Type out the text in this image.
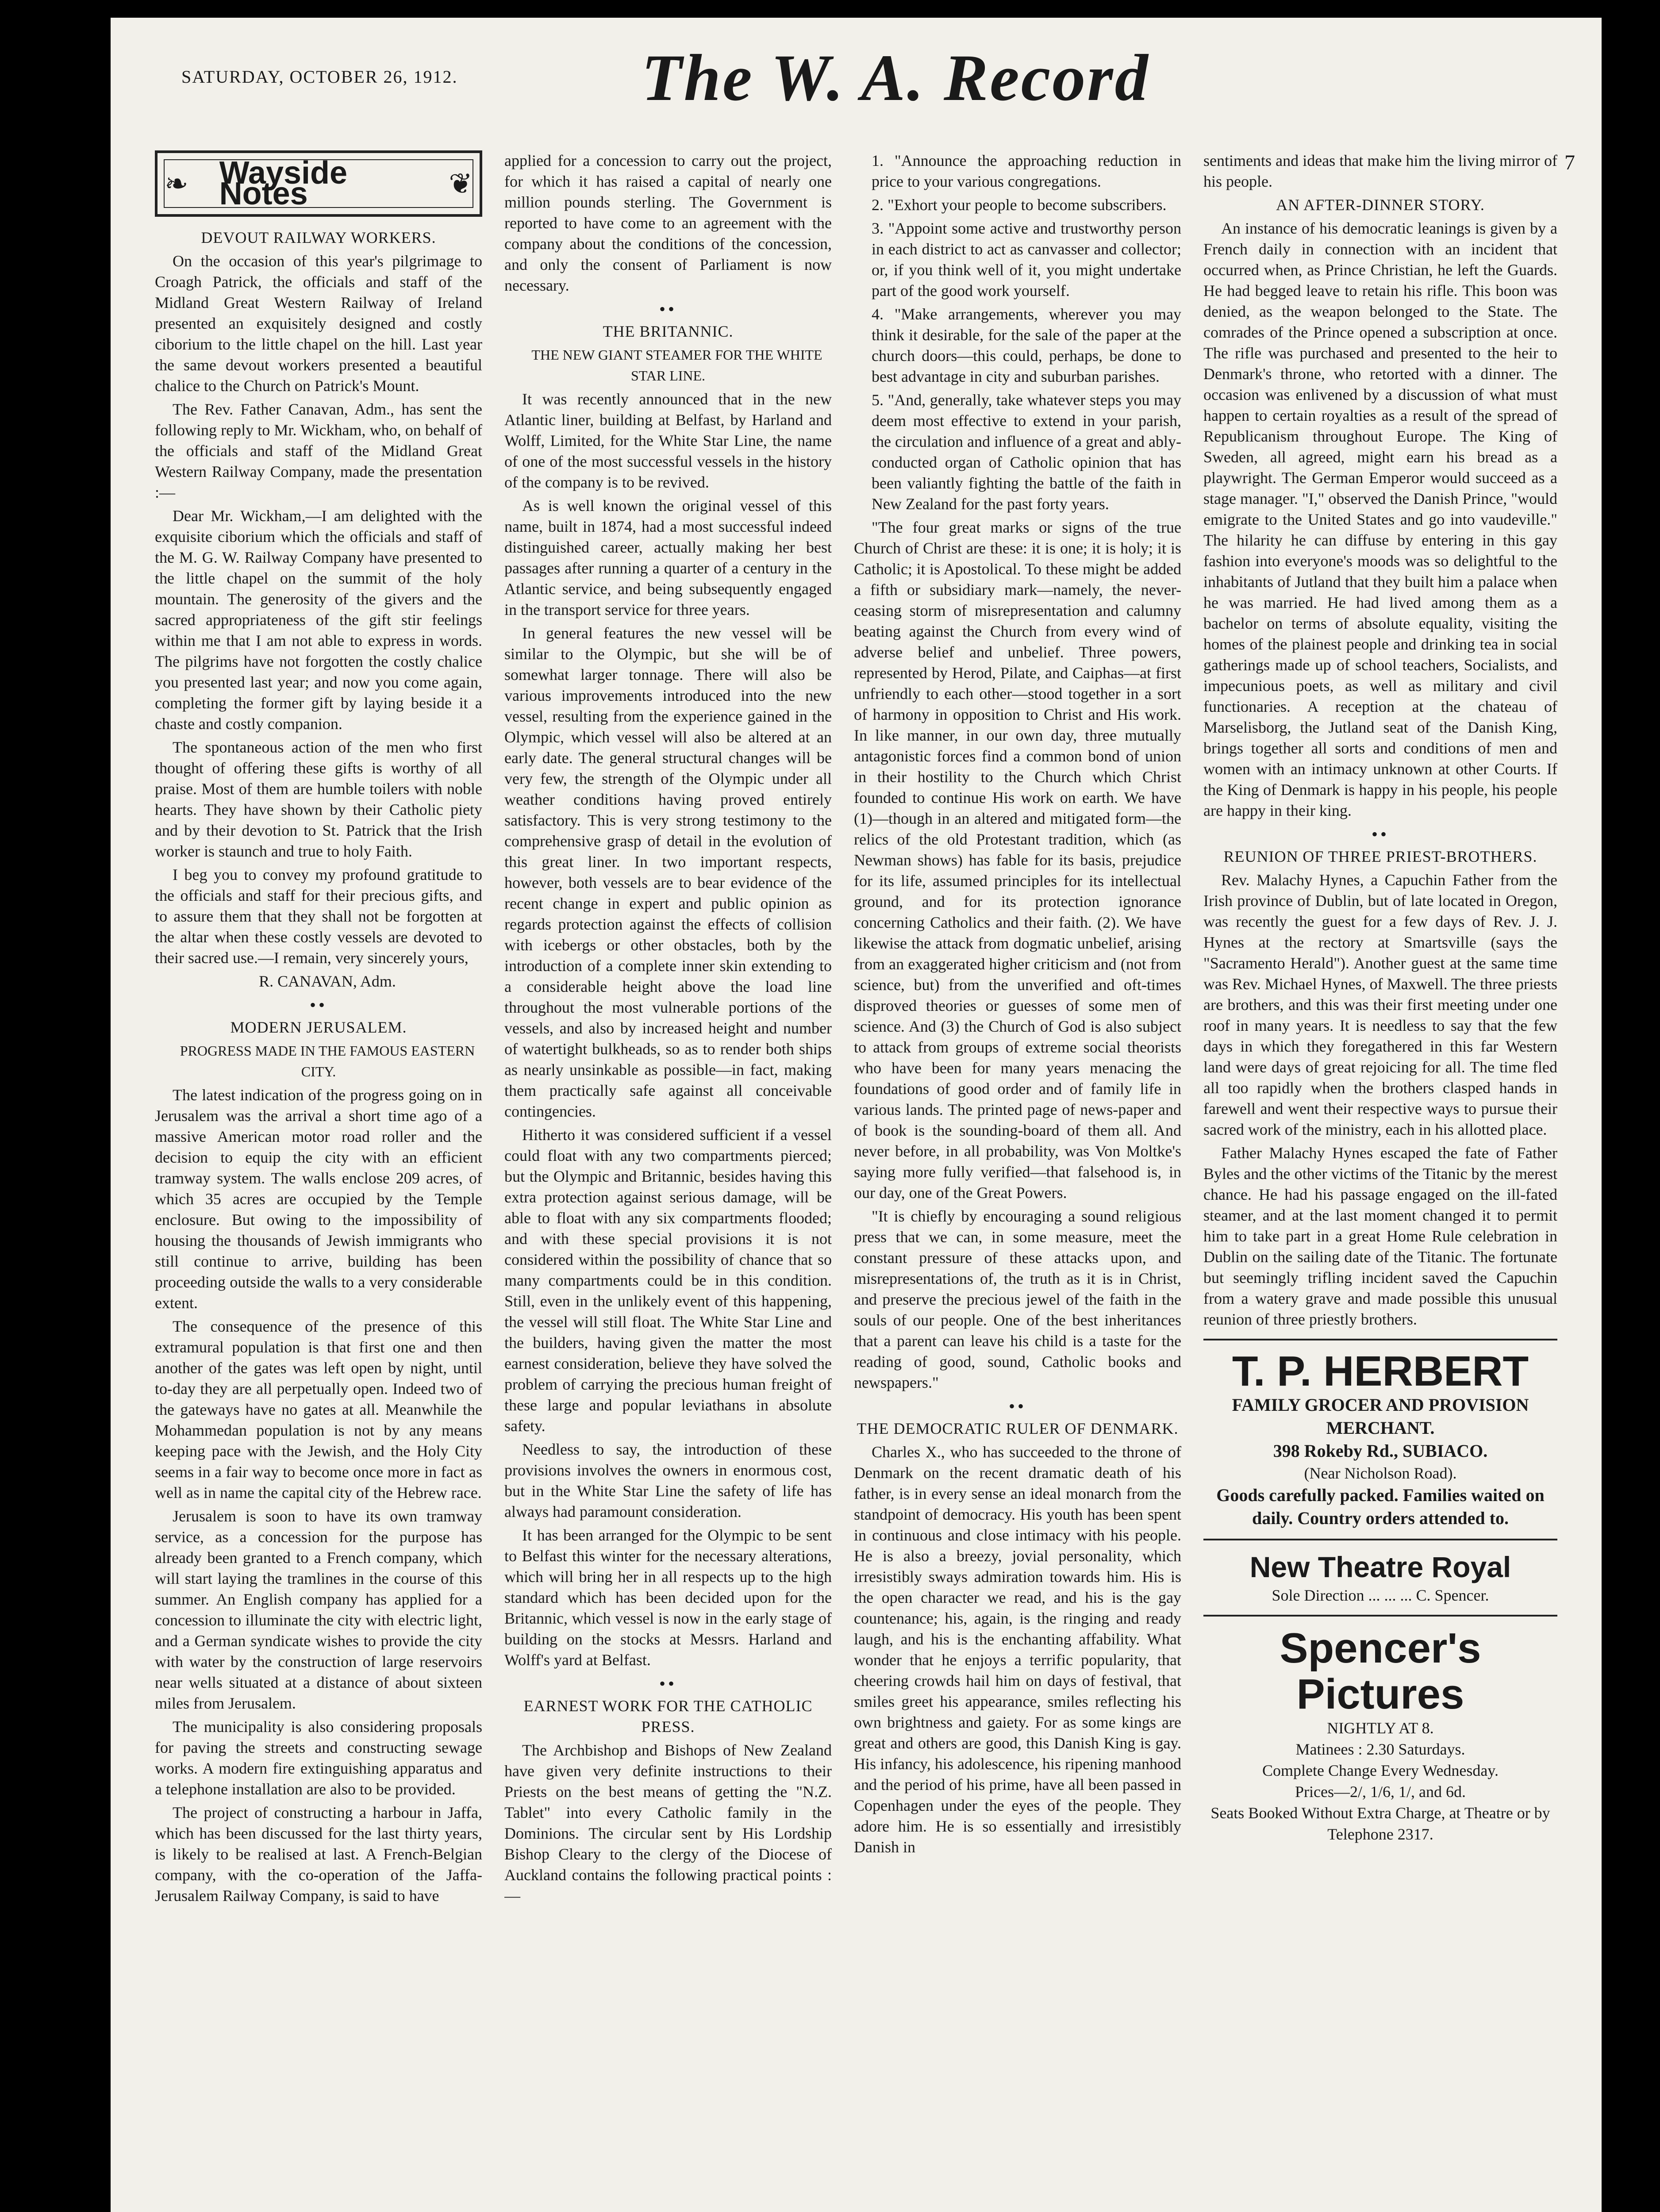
SATURDAY, OCTOBER 26, 1912.	The W. A. Record
7
❧ Wayside Notes	❦

DEVOUT RAILWAY WORKERS.

On the occasion of this year's pilgrimage to Croagh Patrick, the officials and staff of the Midland Great Western Railway of Ireland presented an exquisitely designed and costly ciborium to the little chapel on the hill. Last year the same devout workers presented a beautiful chalice to the Church on Patrick's Mount.

The Rev. Father Canavan, Adm., has sent the following reply to Mr. Wickham, who, on behalf of the officials and staff of the Midland Great Western Railway Company, made the presentation :—

Dear Mr. Wickham,—I am delighted with the exquisite ciborium which the officials and staff of the M. G. W. Railway Company have presented to the little chapel on the summit of the holy mountain. The generosity of the givers and the sacred appropriateness of the gift stir feelings within me that I am not able to express in words. The pilgrims have not forgotten the costly chalice you presented last year; and now you come again, completing the former gift by laying beside it a chaste and costly companion.

The spontaneous action of the men who first thought of offering these gifts is worthy of all praise. Most of them are humble toilers with noble hearts. They have shown by their Catholic piety and by their devotion to St. Patrick that the Irish worker is staunch and true to holy Faith.

I beg you to convey my profound gratitude to the officials and staff for their precious gifts, and to assure them that they shall not be forgotten at the altar when these costly vessels are devoted to their sacred use.—I remain, very sincerely yours,

R. CANAVAN, Adm.

••

MODERN JERUSALEM.

PROGRESS MADE IN THE FAMOUS EASTERN CITY.

The latest indication of the progress going on in Jerusalem was the arrival a short time ago of a massive American motor road roller and the decision to equip the city with an efficient tramway system. The walls enclose 209 acres, of which 35 acres are occupied by the Temple enclosure. But owing to the impossibility of housing the thousands of Jewish immigrants who still continue to arrive, building has been proceeding outside the walls to a very considerable extent.

The consequence of the presence of this extramural population is that first one and then another of the gates was left open by night, until to-day they are all perpetually open. Indeed two of the gateways have no gates at all. Meanwhile the Mohammedan population is not by any means keeping pace with the Jewish, and the Holy City seems in a fair way to become once more in fact as well as in name the capital city of the Hebrew race.

Jerusalem is soon to have its own tramway service, as a concession for the purpose has already been granted to a French company, which will start laying the tramlines in the course of this summer. An English company has applied for a concession to illuminate the city with electric light, and a German syndicate wishes to provide the city with water by the construction of large reservoirs near wells situated at a distance of about sixteen miles from Jerusalem.

The municipality is also considering proposals for paving the streets and constructing sewage works. A modern fire extinguishing apparatus and a telephone installation are also to be provided.

The project of constructing a harbour in Jaffa, which has been discussed for the last thirty years, is likely to be realised at last. A French-Belgian company, with the co-operation of the Jaffa-Jerusalem Railway Company, is said to have

applied for a concession to carry out the project, for which it has raised a capital of nearly one million pounds sterling. The Government is reported to have come to an agreement with the company about the conditions of the concession, and only the consent of Parliament is now necessary.

••

THE BRITANNIC.

THE NEW GIANT STEAMER FOR THE WHITE STAR LINE.

It was recently announced that in the new Atlantic liner, building at Belfast, by Harland and Wolff, Limited, for the White Star Line, the name of one of the most successful vessels in the history of the company is to be revived.

As is well known the original vessel of this name, built in 1874, had a most successful indeed distinguished career, actually making her best passages after running a quarter of a century in the Atlantic service, and being subsequently engaged in the transport service for three years.

In general features the new vessel will be similar to the Olympic, but she will be of somewhat larger tonnage. There will also be various improvements introduced into the new vessel, resulting from the experience gained in the Olympic, which vessel will also be altered at an early date. The general structural changes will be very few, the strength of the Olympic under all weather conditions having proved entirely satisfactory. This is very strong testimony to the comprehensive grasp of detail in the evolution of this great liner. In two important respects, however, both vessels are to bear evidence of the recent change in expert and public opinion as regards protection against the effects of collision with icebergs or other obstacles, both by the introduction of a complete inner skin extending to a considerable height above the load line throughout the most vulnerable portions of the vessels, and also by increased height and number of watertight bulkheads, so as to render both ships as nearly unsinkable as possible—in fact, making them practically safe against all conceivable contingencies.

Hitherto it was considered sufficient if a vessel could float with any two compartments pierced; but the Olympic and Britannic, besides having this extra protection against serious damage, will be able to float with any six compartments flooded; and with these special provisions it is not considered within the possibility of chance that so many compartments could be in this condition. Still, even in the unlikely event of this happening, the vessel will still float. The White Star Line and the builders, having given the matter the most earnest consideration, believe they have solved the problem of carrying the precious human freight of these large and popular leviathans in absolute safety.

Needless to say, the introduction of these provisions involves the owners in enormous cost, but in the White Star Line the safety of life has always had paramount consideration.

It has been arranged for the Olympic to be sent to Belfast this winter for the necessary alterations, which will bring her in all respects up to the high standard which has been decided upon for the Britannic, which vessel is now in the early stage of building on the stocks at Messrs. Harland and Wolff's yard at Belfast.

••

EARNEST WORK FOR THE CATHOLIC PRESS.

The Archbishop and Bishops of New Zealand have given very definite instructions to their Priests on the best means of getting the "N.Z. Tablet" into every Catholic family in the Dominions. The circular sent by His Lordship Bishop Cleary to the clergy of the Diocese of Auckland contains the following practical points :—

1. "Announce the approaching reduction in price to your various congregations.

2. "Exhort your people to become subscribers.

3. "Appoint some active and trustworthy person in each district to act as canvasser and collector; or, if you think well of it, you might undertake part of the good work yourself.

4. "Make arrangements, wherever you may think it desirable, for the sale of the paper at the church doors—this could, perhaps, be done to best advantage in city and suburban parishes.

5. "And, generally, take whatever steps you may deem most effective to extend in your parish, the circulation and influence of a great and ably-conducted organ of Catholic opinion that has been valiantly fighting the battle of the faith in New Zealand for the past forty years.

"The four great marks or signs of the true Church of Christ are these: it is one; it is holy; it is Catholic; it is Apostolical. To these might be added a fifth or subsidiary mark—namely, the never-ceasing storm of misrepresentation and calumny beating against the Church from every wind of adverse belief and unbelief. Three powers, represented by Herod, Pilate, and Caiphas—at first unfriendly to each other—stood together in a sort of harmony in opposition to Christ and His work. In like manner, in our own day, three mutually antagonistic forces find a common bond of union in their hostility to the Church which Christ founded to continue His work on earth. We have (1)—though in an altered and mitigated form—the relics of the old Protestant tradition, which (as Newman shows) has fable for its basis, prejudice for its life, assumed principles for its intellectual ground, and for its protection ignorance concerning Catholics and their faith. (2). We have likewise the attack from dogmatic unbelief, arising from an exaggerated higher criticism and (not from science, but) from the unverified and oft-times disproved theories or guesses of some men of science. And (3) the Church of God is also subject to attack from groups of extreme social theorists who have been for many years menacing the foundations of good order and of family life in various lands. The printed page of news-paper and of book is the sounding-board of them all. And never before, in all probability, was Von Moltke's saying more fully verified—that falsehood is, in our day, one of the Great Powers.

"It is chiefly by encouraging a sound religious press that we can, in some measure, meet the constant pressure of these attacks upon, and misrepresentations of, the truth as it is in Christ, and preserve the precious jewel of the faith in the souls of our people. One of the best inheritances that a parent can leave his child is a taste for the reading of good, sound, Catholic books and newspapers."

••

THE DEMOCRATIC RULER OF DENMARK.

Charles X., who has succeeded to the throne of Denmark on the recent dramatic death of his father, is in every sense an ideal monarch from the standpoint of democracy. His youth has been spent in continuous and close intimacy with his people. He is also a breezy, jovial personality, which irresistibly sways admiration towards him. His is the open character we read, and his is the gay countenance; his, again, is the ringing and ready laugh, and his is the enchanting affability. What wonder that he enjoys a terrific popularity, that cheering crowds hail him on days of festival, that smiles greet his appearance, smiles reflecting his own brightness and gaiety. For as some kings are great and others are good, this Danish King is gay. His infancy, his adolescence, his ripening manhood and the period of his prime, have all been passed in Copenhagen under the eyes of the people. They adore him. He is so essentially and irresistibly Danish in

sentiments and ideas that make him the living mirror of his people.

AN AFTER-DINNER STORY.

An instance of his democratic leanings is given by a French daily in connection with an incident that occurred when, as Prince Christian, he left the Guards. He had begged leave to retain his rifle. This boon was denied, as the weapon belonged to the State. The comrades of the Prince opened a subscription at once. The rifle was purchased and presented to the heir to Denmark's throne, who retorted with a dinner. The occasion was enlivened by a discussion of what must happen to certain royalties as a result of the spread of Republicanism throughout Europe. The King of Sweden, all agreed, might earn his bread as a playwright. The German Emperor would succeed as a stage manager. "I," observed the Danish Prince, "would emigrate to the United States and go into vaudeville." The hilarity he can diffuse by entering in this gay fashion into everyone's moods was so delightful to the inhabitants of Jutland that they built him a palace when he was married. He had lived among them as a bachelor on terms of absolute equality, visiting the homes of the plainest people and drinking tea in social gatherings made up of school teachers, Socialists, and impecunious poets, as well as military and civil functionaries. A reception at the chateau of Marselisborg, the Jutland seat of the Danish King, brings together all sorts and conditions of men and women with an intimacy unknown at other Courts. If the King of Denmark is happy in his people, his people are happy in their king.

••

REUNION OF THREE PRIEST-BROTHERS.

Rev. Malachy Hynes, a Capuchin Father from the Irish province of Dublin, but of late located in Oregon, was recently the guest for a few days of Rev. J. J. Hynes at the rectory at Smartsville (says the "Sacramento Herald"). Another guest at the same time was Rev. Michael Hynes, of Maxwell. The three priests are brothers, and this was their first meeting under one roof in many years. It is needless to say that the few days in which they foregathered in this far Western land were days of great rejoicing for all. The time fled all too rapidly when the brothers clasped hands in farewell and went their respective ways to pursue their sacred work of the ministry, each in his allotted place.

Father Malachy Hynes escaped the fate of Father Byles and the other victims of the Titanic by the merest chance. He had his passage engaged on the ill-fated steamer, and at the last moment changed it to permit him to take part in a great Home Rule celebration in Dublin on the sailing date of the Titanic. The fortunate but seemingly trifling incident saved the Capuchin from a watery grave and made possible this unusual reunion of three priestly brothers.

T. P. HERBERT
FAMILY GROCER AND PROVISION MERCHANT.
398 Rokeby Rd., SUBIACO.
(Near Nicholson Road).
Goods carefully packed. Families waited on daily. Country orders attended to.
New Theatre Royal
Sole Direction ... ... ... C. Spencer.
Spencer's
Pictures
NIGHTLY AT 8.
Matinees : 2.30 Saturdays.
Complete Change Every Wednesday.
Prices—2/, 1/6, 1/, and 6d.
Seats Booked Without Extra Charge, at Theatre or by Telephone 2317.
